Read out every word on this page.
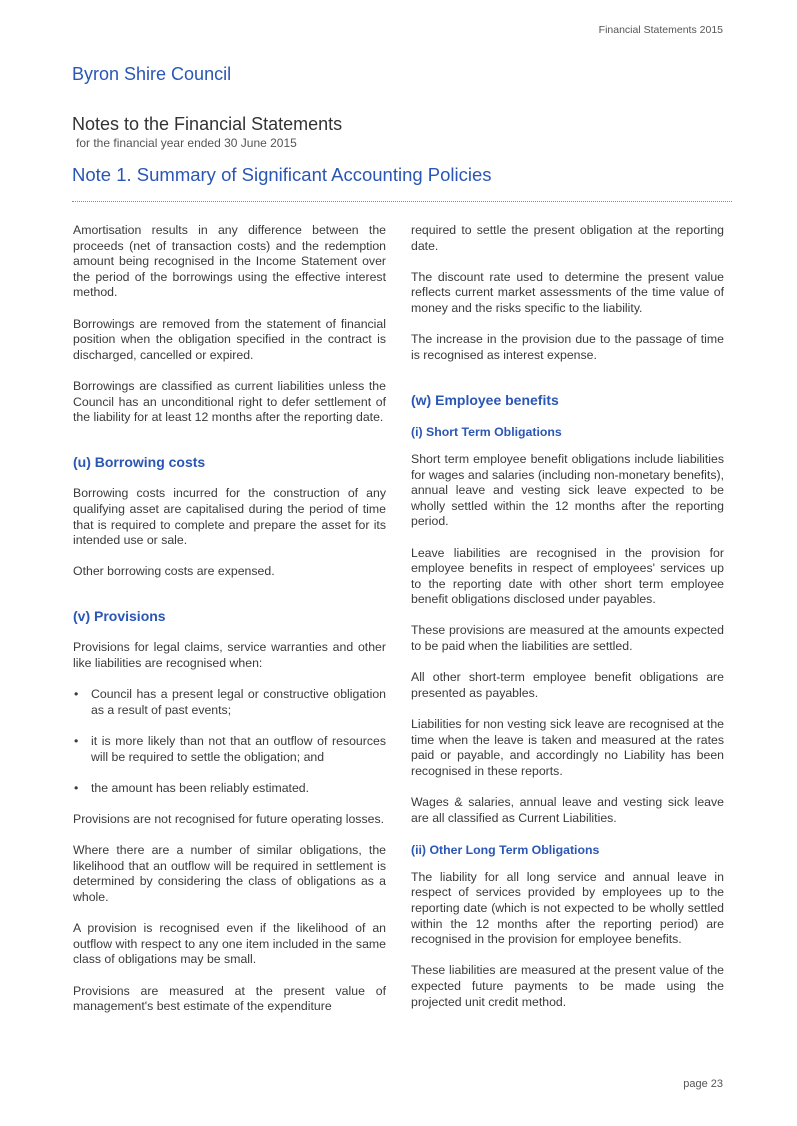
Financial Statements 2015
Byron Shire Council
Notes to the Financial Statements
for the financial year ended 30 June 2015
Note 1. Summary of Significant Accounting Policies

Amortisation results in any difference between the proceeds (net of transaction costs) and the redemption amount being recognised in the Income Statement over the period of the borrowings using the effective interest method.

Borrowings are removed from the statement of financial position when the obligation specified in the contract is discharged, cancelled or expired.

Borrowings are classified as current liabilities unless the Council has an unconditional right to defer settlement of the liability for at least 12 months after the reporting date.

(u) Borrowing costs

Borrowing costs incurred for the construction of any qualifying asset are capitalised during the period of time that is required to complete and prepare the asset for its intended use or sale.

Other borrowing costs are expensed.

(v) Provisions

Provisions for legal claims, service warranties and other like liabilities are recognised when:

• Council has a present legal or constructive obligation as a result of past events;
• it is more likely than not that an outflow of resources will be required to settle the obligation; and
• the amount has been reliably estimated.

Provisions are not recognised for future operating losses.

Where there are a number of similar obligations, the likelihood that an outflow will be required in settlement is determined by considering the class of obligations as a whole.

A provision is recognised even if the likelihood of an outflow with respect to any one item included in the same class of obligations may be small.

Provisions are measured at the present value of management's best estimate of the expenditure

required to settle the present obligation at the reporting date.

The discount rate used to determine the present value reflects current market assessments of the time value of money and the risks specific to the liability.

The increase in the provision due to the passage of time is recognised as interest expense.

(w) Employee benefits
(i) Short Term Obligations

Short term employee benefit obligations include liabilities for wages and salaries (including non-monetary benefits), annual leave and vesting sick leave expected to be wholly settled within the 12 months after the reporting period.

Leave liabilities are recognised in the provision for employee benefits in respect of employees' services up to the reporting date with other short term employee benefit obligations disclosed under payables.

These provisions are measured at the amounts expected to be paid when the liabilities are settled.

All other short-term employee benefit obligations are presented as payables.

Liabilities for non vesting sick leave are recognised at the time when the leave is taken and measured at the rates paid or payable, and accordingly no Liability has been recognised in these reports.

Wages & salaries, annual leave and vesting sick leave are all classified as Current Liabilities.

(ii) Other Long Term Obligations

The liability for all long service and annual leave in respect of services provided by employees up to the reporting date (which is not expected to be wholly settled within the 12 months after the reporting period) are recognised in the provision for employee benefits.

These liabilities are measured at the present value of the expected future payments to be made using the projected unit credit method.

page 23
